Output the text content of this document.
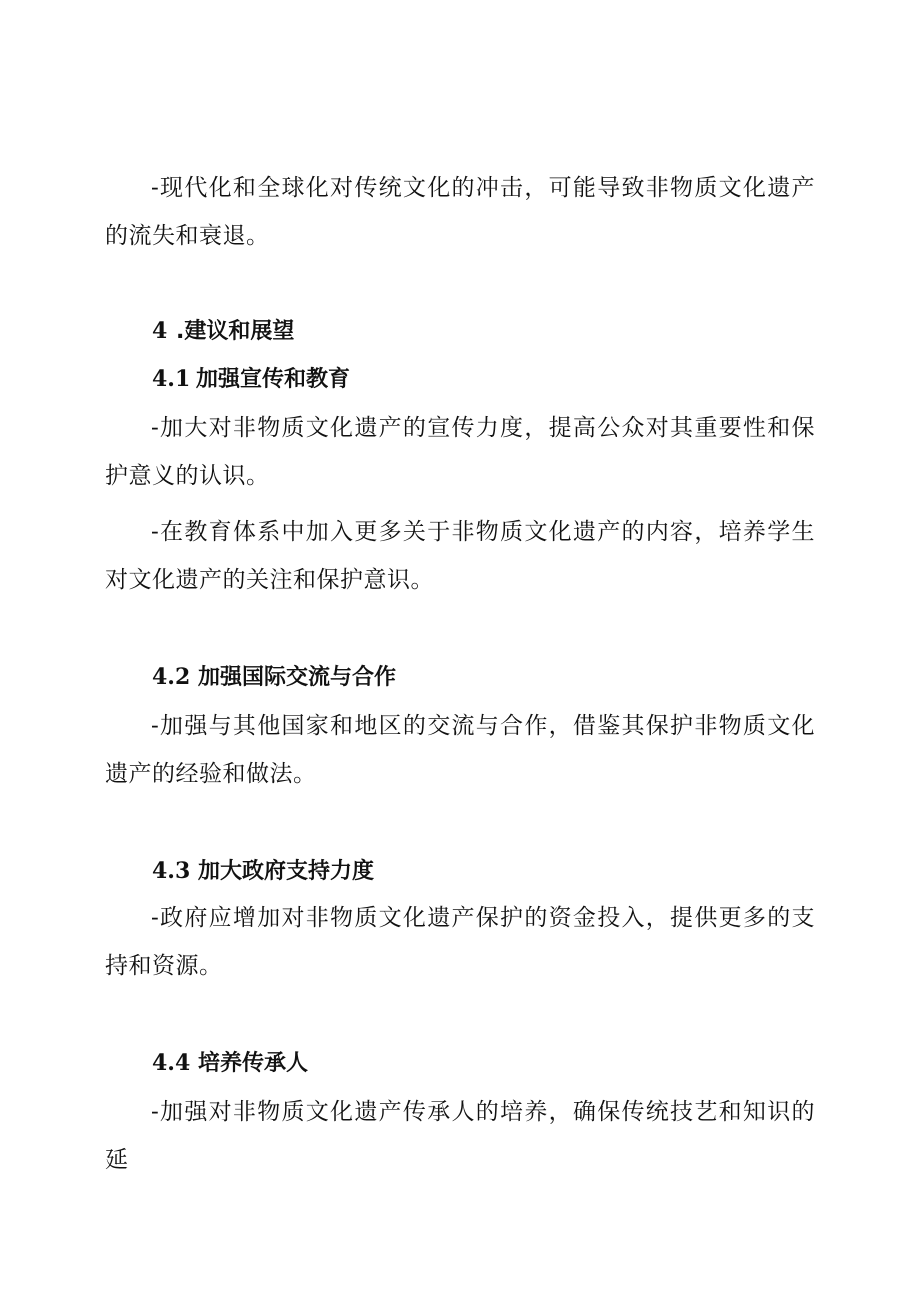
-现代化和全球化对传统文化的冲击，可能导致非物质文化遗产的流失和衰退。

4 .建议和展望
4.1 加强宣传和教育

-加大对非物质文化遗产的宣传力度，提高公众对其重要性和保护意义的认识。

-在教育体系中加入更多关于非物质文化遗产的内容，培养学生对文化遗产的关注和保护意识。

4.2 加强国际交流与合作

-加强与其他国家和地区的交流与合作，借鉴其保护非物质文化遗产的经验和做法。

4.3 加大政府支持力度

-政府应增加对非物质文化遗产保护的资金投入，提供更多的支持和资源。

4.4 培养传承人

-加强对非物质文化遗产传承人的培养，确保传统技艺和知识的延
